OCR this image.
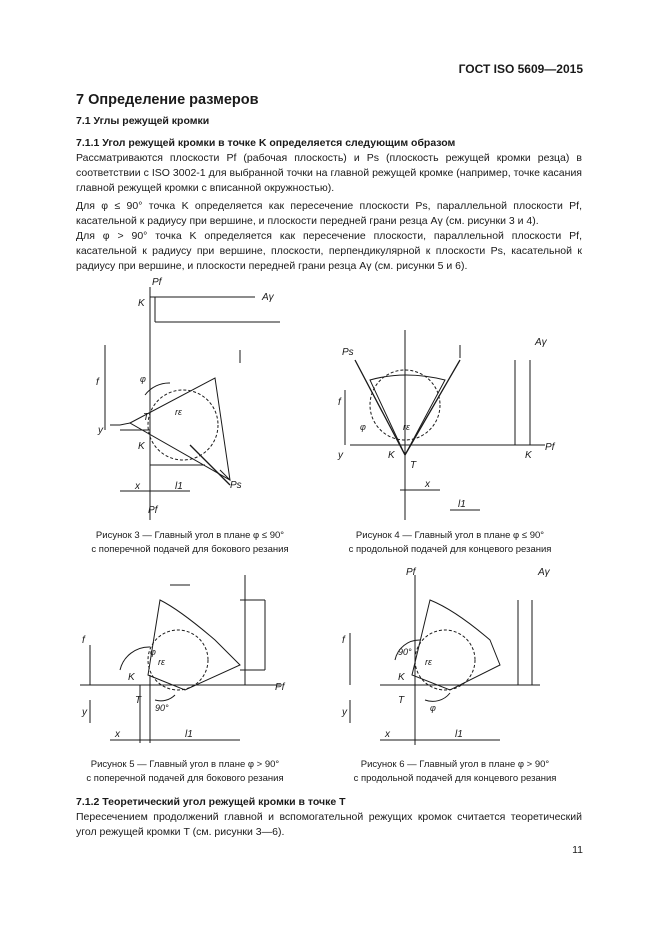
ГОСТ ISO 5609—2015
7 Определение размеров
7.1 Углы режущей кромки
7.1.1 Угол режущей кромки в точке K определяется следующим образом
Рассматриваются плоскости Pf (рабочая плоскость) и Ps (плоскость режущей кромки резца) в соответствии с ISO 3002-1 для выбранной точки на главной режущей кромке (например, точке касания главной режущей кромки с вписанной окружностью).
Для φ ≤ 90° точка K определяется как пересечение плоскости Ps, параллельной плоскости Pf, касательной к радиусу при вершине, и плоскости передней грани резца Aγ (см. рисунки 3 и 4).
Для φ > 90° точка K определяется как пересечение плоскости, параллельной плоскости Pf, касательной к радиусу при вершине, плоскости, перпендикулярной к плоскости Ps, касательной к радиусу при вершине, и плоскости передней грани резца Aγ (см. рисунки 5 и 6).
Pf
Aγ
K
T
K
Ps
rε
f
y
x	l1
Pf
φ
Ps
Aγ
Pf
K	K
T
f
y
x
l1
φ	rε
Рисунок 3 — Главный угол в плане φ ≤ 90°
с поперечной подачей для бокового резания
Рисунок 4 — Главный угол в плане φ ≤ 90°
с продольной подачей для концевого резания
Pf
K
T
f
y
x	l1
φ
rε
90°
Pf	Aγ
K
T
f
y
x	l1
90°
rε
φ
Рисунок 5 — Главный угол в плане φ > 90°
с поперечной подачей для бокового резания
Рисунок 6 — Главный угол в плане φ > 90°
с продольной подачей для концевого резания
7.1.2 Теоретический угол режущей кромки в точке T
Пересечением продолжений главной и вспомогательной режущих кромок считается теоретический угол режущей кромки T (см. рисунки 3—6).
11
